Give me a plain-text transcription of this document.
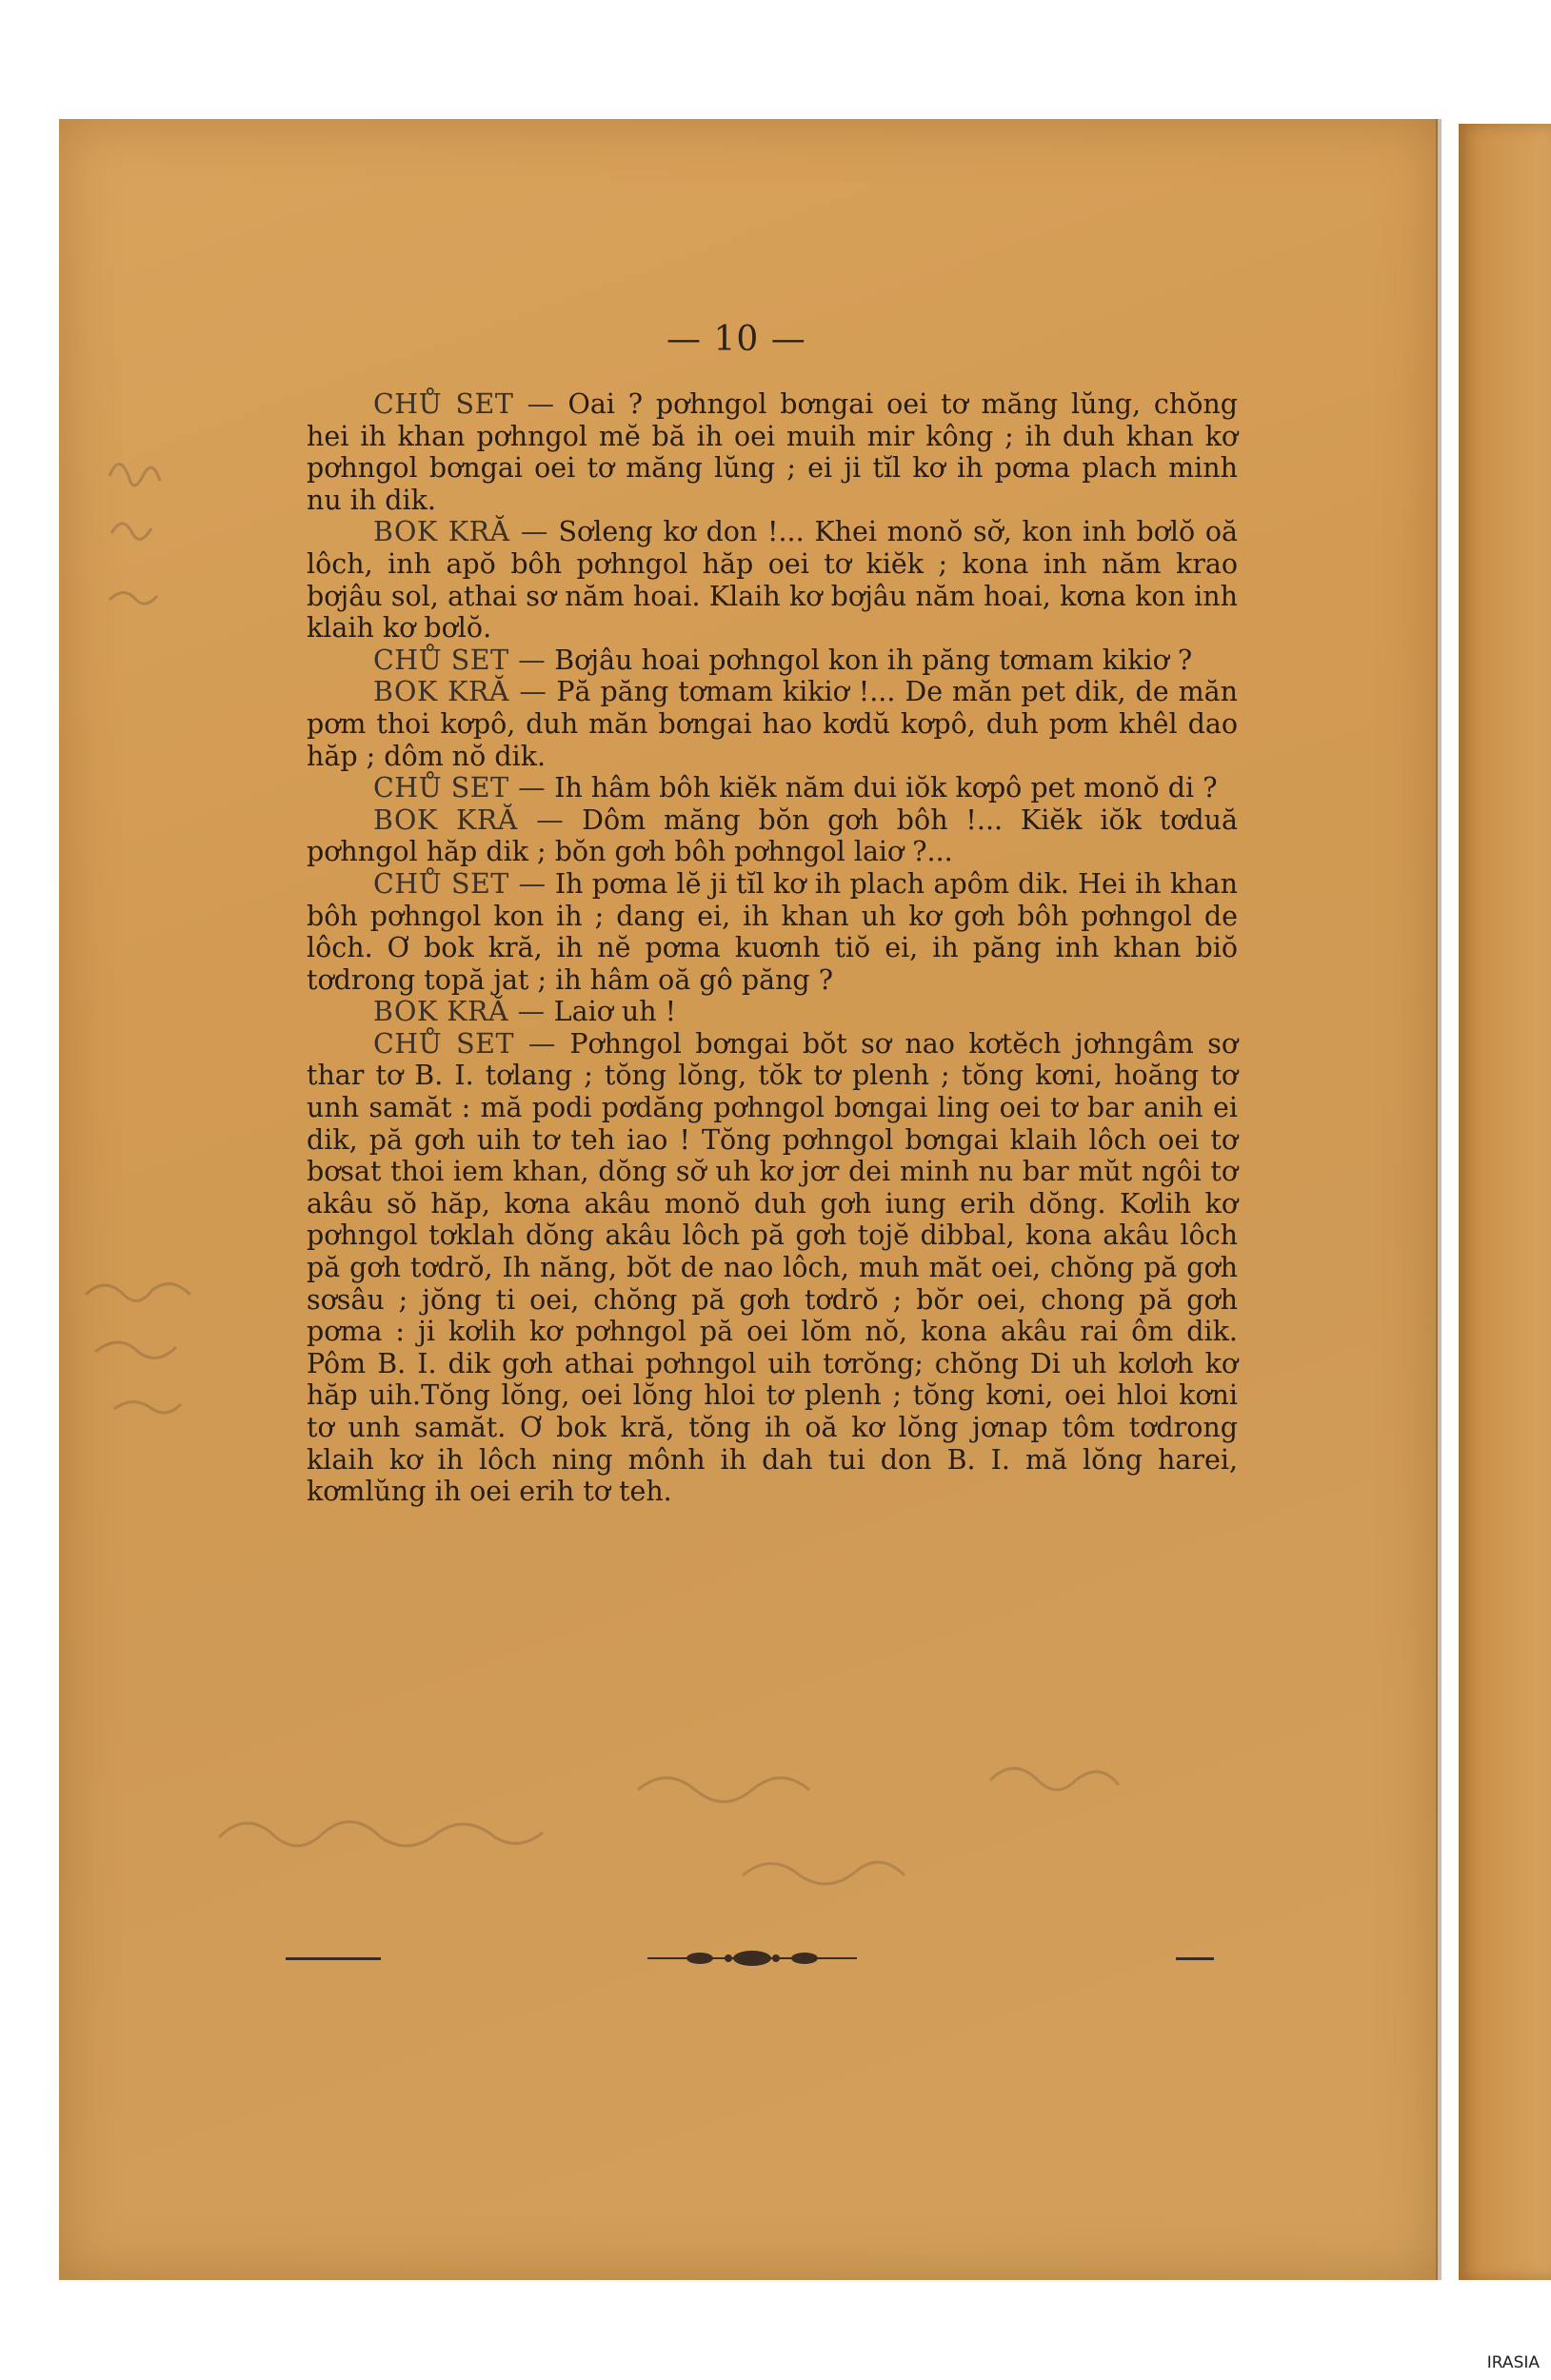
— 10 —

CHŮ SET — Oai ? pơhngol bơngai oei tơ măng lŭng, chŏng hei ih khan pơhngol mĕ bă ih oei muih mir kông ; ih duh khan kơ pơhngol bơngai oei tơ măng lŭng ; ei ji tĭl kơ ih pơma plach minh nu ih dik.

BOK KRĂ — Sơleng kơ don !... Khei monŏ sơ̆, kon inh bơlŏ oă lôch, inh apŏ bôh pơhngol hăp oei tơ kiĕk ; kona inh năm krao bơjâu sol, athai sơ năm hoai. Klaih kơ bơjâu năm hoai, kơna kon inh klaih kơ bơlŏ.

CHŮ SET — Bơjâu hoai pơhngol kon ih păng tơmam kikiơ ?

BOK KRĂ — Pă păng tơmam kikiơ !... De măn pet dik, de măn pơm thoi kơpô, duh măn bơngai hao kơdŭ kơpô, duh pơm khêl dao hăp ; dôm nŏ dik.

CHŮ SET — Ih hâm bôh kiĕk năm dui iŏk kơpô pet monŏ di ?

BOK KRĂ — Dôm măng bŏn gơh bôh !... Kiĕk iŏk tơduă pơhngol hăp dik ; bŏn gơh bôh pơhngol laiơ ?...

CHŮ SET — Ih pơma lĕ ji tĭl kơ ih plach apôm dik. Hei ih khan bôh pơhngol kon ih ; dang ei, ih khan uh kơ gơh bôh pơhngol de lôch. Ơ bok kră, ih nĕ pơma kuơnh tiŏ ei, ih păng inh khan biŏ tơdrong topă jat ; ih hâm oă gô păng ?

BOK KRĂ — Laiơ uh !

CHŮ SET — Pơhngol bơngai bŏt sơ nao kơtĕch jơhngâm sơ thar tơ B. I. tơlang ; tŏng lŏng, tŏk tơ plenh ; tŏng kơni, hoăng tơ unh samăt : mă podi pơdăng pơhngol bơngai ling oei tơ bar anih ei dik, pă gơh uih tơ teh iao ! Tŏng pơhngol bơngai klaih lôch oei tơ bơsat thoi iem khan, dŏng sơ̆ uh kơ jơr dei minh nu bar mŭt ngôi tơ akâu sŏ hăp, kơna akâu monŏ duh gơh iung erih dŏng. Kơlih kơ pơhngol tơklah dŏng akâu lôch pă gơh tojĕ dibbal, kona akâu lôch pă gơh tơdrŏ, Ih năng, bŏt de nao lôch, muh măt oei, chŏng pă gơh sơsâu ; jŏng ti oei, chŏng pă gơh tơdrŏ ; bŏr oei, chong pă gơh pơma : ji kơlih kơ pơhngol pă oei lŏm nŏ, kona akâu rai ôm dik. Pôm B. I. dik gơh athai pơhngol uih tơrŏng; chŏng Di uh kơlơh kơ hăp uih.Tŏng lŏng, oei lŏng hloi tơ plenh ; tŏng kơni, oei hloi kơni tơ unh samăt. Ơ bok kră, tŏng ih oă kơ lŏng jơnap tôm tơdrong klaih kơ ih lôch ning mônh ih dah tui don B. I. mă lŏng harei, kơmlŭng ih oei erih tơ teh.

IRASIA
